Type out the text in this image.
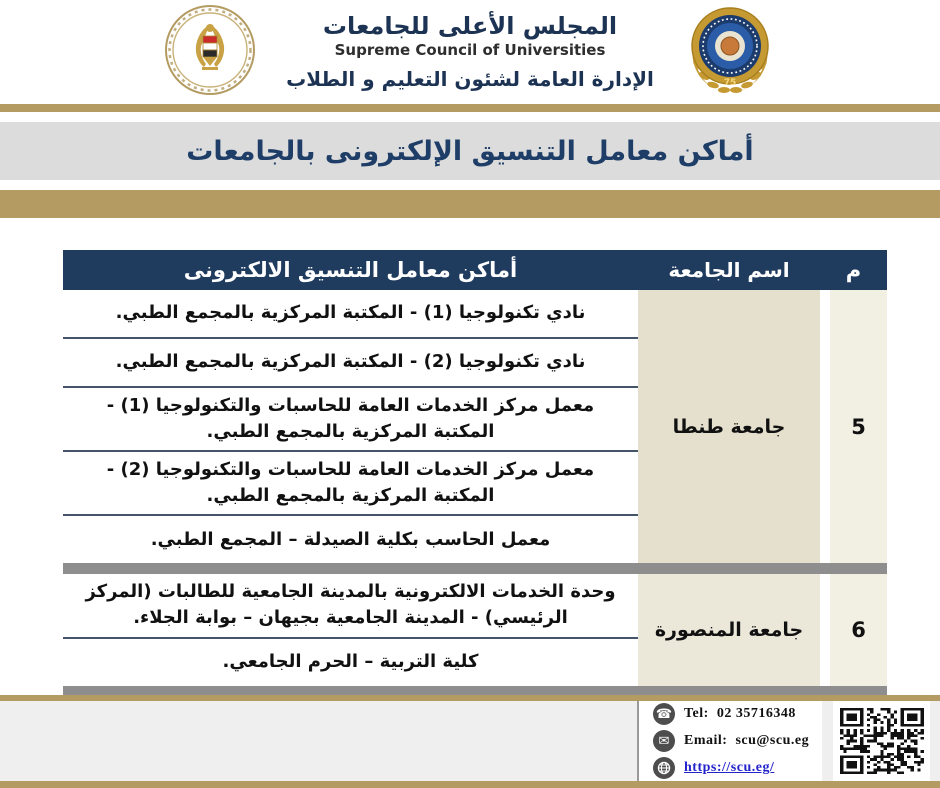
المجلس الأعلى للجامعات
Supreme Council of Universities
الإدارة العامة لشئون التعليم و الطلاب	75
أماكن معامل التنسيق الإلكترونى بالجامعات
م
اسم الجامعة
أماكن معامل التنسيق الالكترونى
5
جامعة طنطا
نادي تكنولوجيا (1) - المكتبة المركزية بالمجمع الطبي.
نادي تكنولوجيا (2) - المكتبة المركزية بالمجمع الطبي.
معمل مركز الخدمات العامة للحاسبات والتكنولوجيا (1) - المكتبة المركزية بالمجمع الطبي.
معمل مركز الخدمات العامة للحاسبات والتكنولوجيا (2) - المكتبة المركزية بالمجمع الطبي.
معمل الحاسب بكلية الصيدلة – المجمع الطبي.
6
جامعة المنصورة
وحدة الخدمات الالكترونية بالمدينة الجامعية للطالبات (المركز الرئيسي) - المدينة الجامعية بجيهان – بوابة الجلاء.
كلية التربية – الحرم الجامعي.
☎ Tel: 02 35716348
✉	Email: scu@scu.eg
https://scu.eg/
